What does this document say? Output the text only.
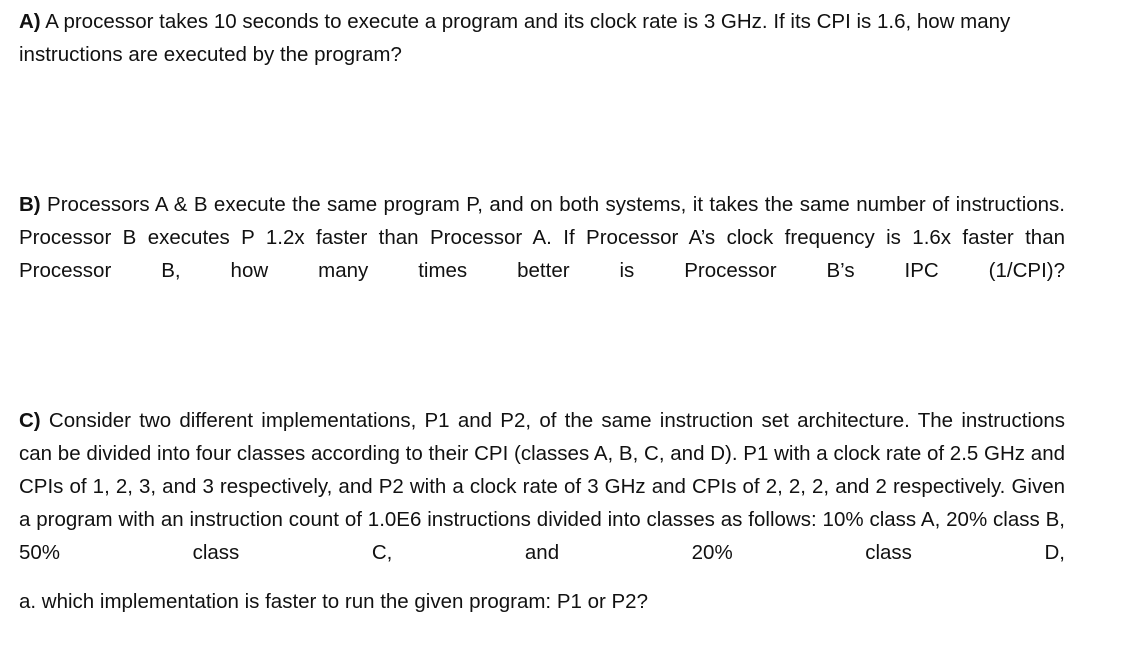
A) A processor takes 10 seconds to execute a program and its clock rate is 3 GHz. If its CPI is 1.6, how many instructions are executed by the program?

B) Processors A & B execute the same program P, and on both systems, it takes the same number of instructions. Processor B executes P 1.2x faster than Processor A. If Processor A’s clock frequency is 1.6x faster than Processor B, how many times better is Processor B’s IPC (1/CPI)?

C) Consider two different implementations, P1 and P2, of the same instruction set architecture. The instructions can be divided into four classes according to their CPI (classes A, B, C, and D). P1 with a clock rate of 2.5 GHz and CPIs of 1, 2, 3, and 3 respectively, and P2 with a clock rate of 3 GHz and CPIs of 2, 2, 2, and 2 respectively. Given a program with an instruction count of 1.0E6 instructions divided into classes as follows: 10% class A, 20% class B, 50% class C, and 20% class D,

a. which implementation is faster to run the given program: P1 or P2?
